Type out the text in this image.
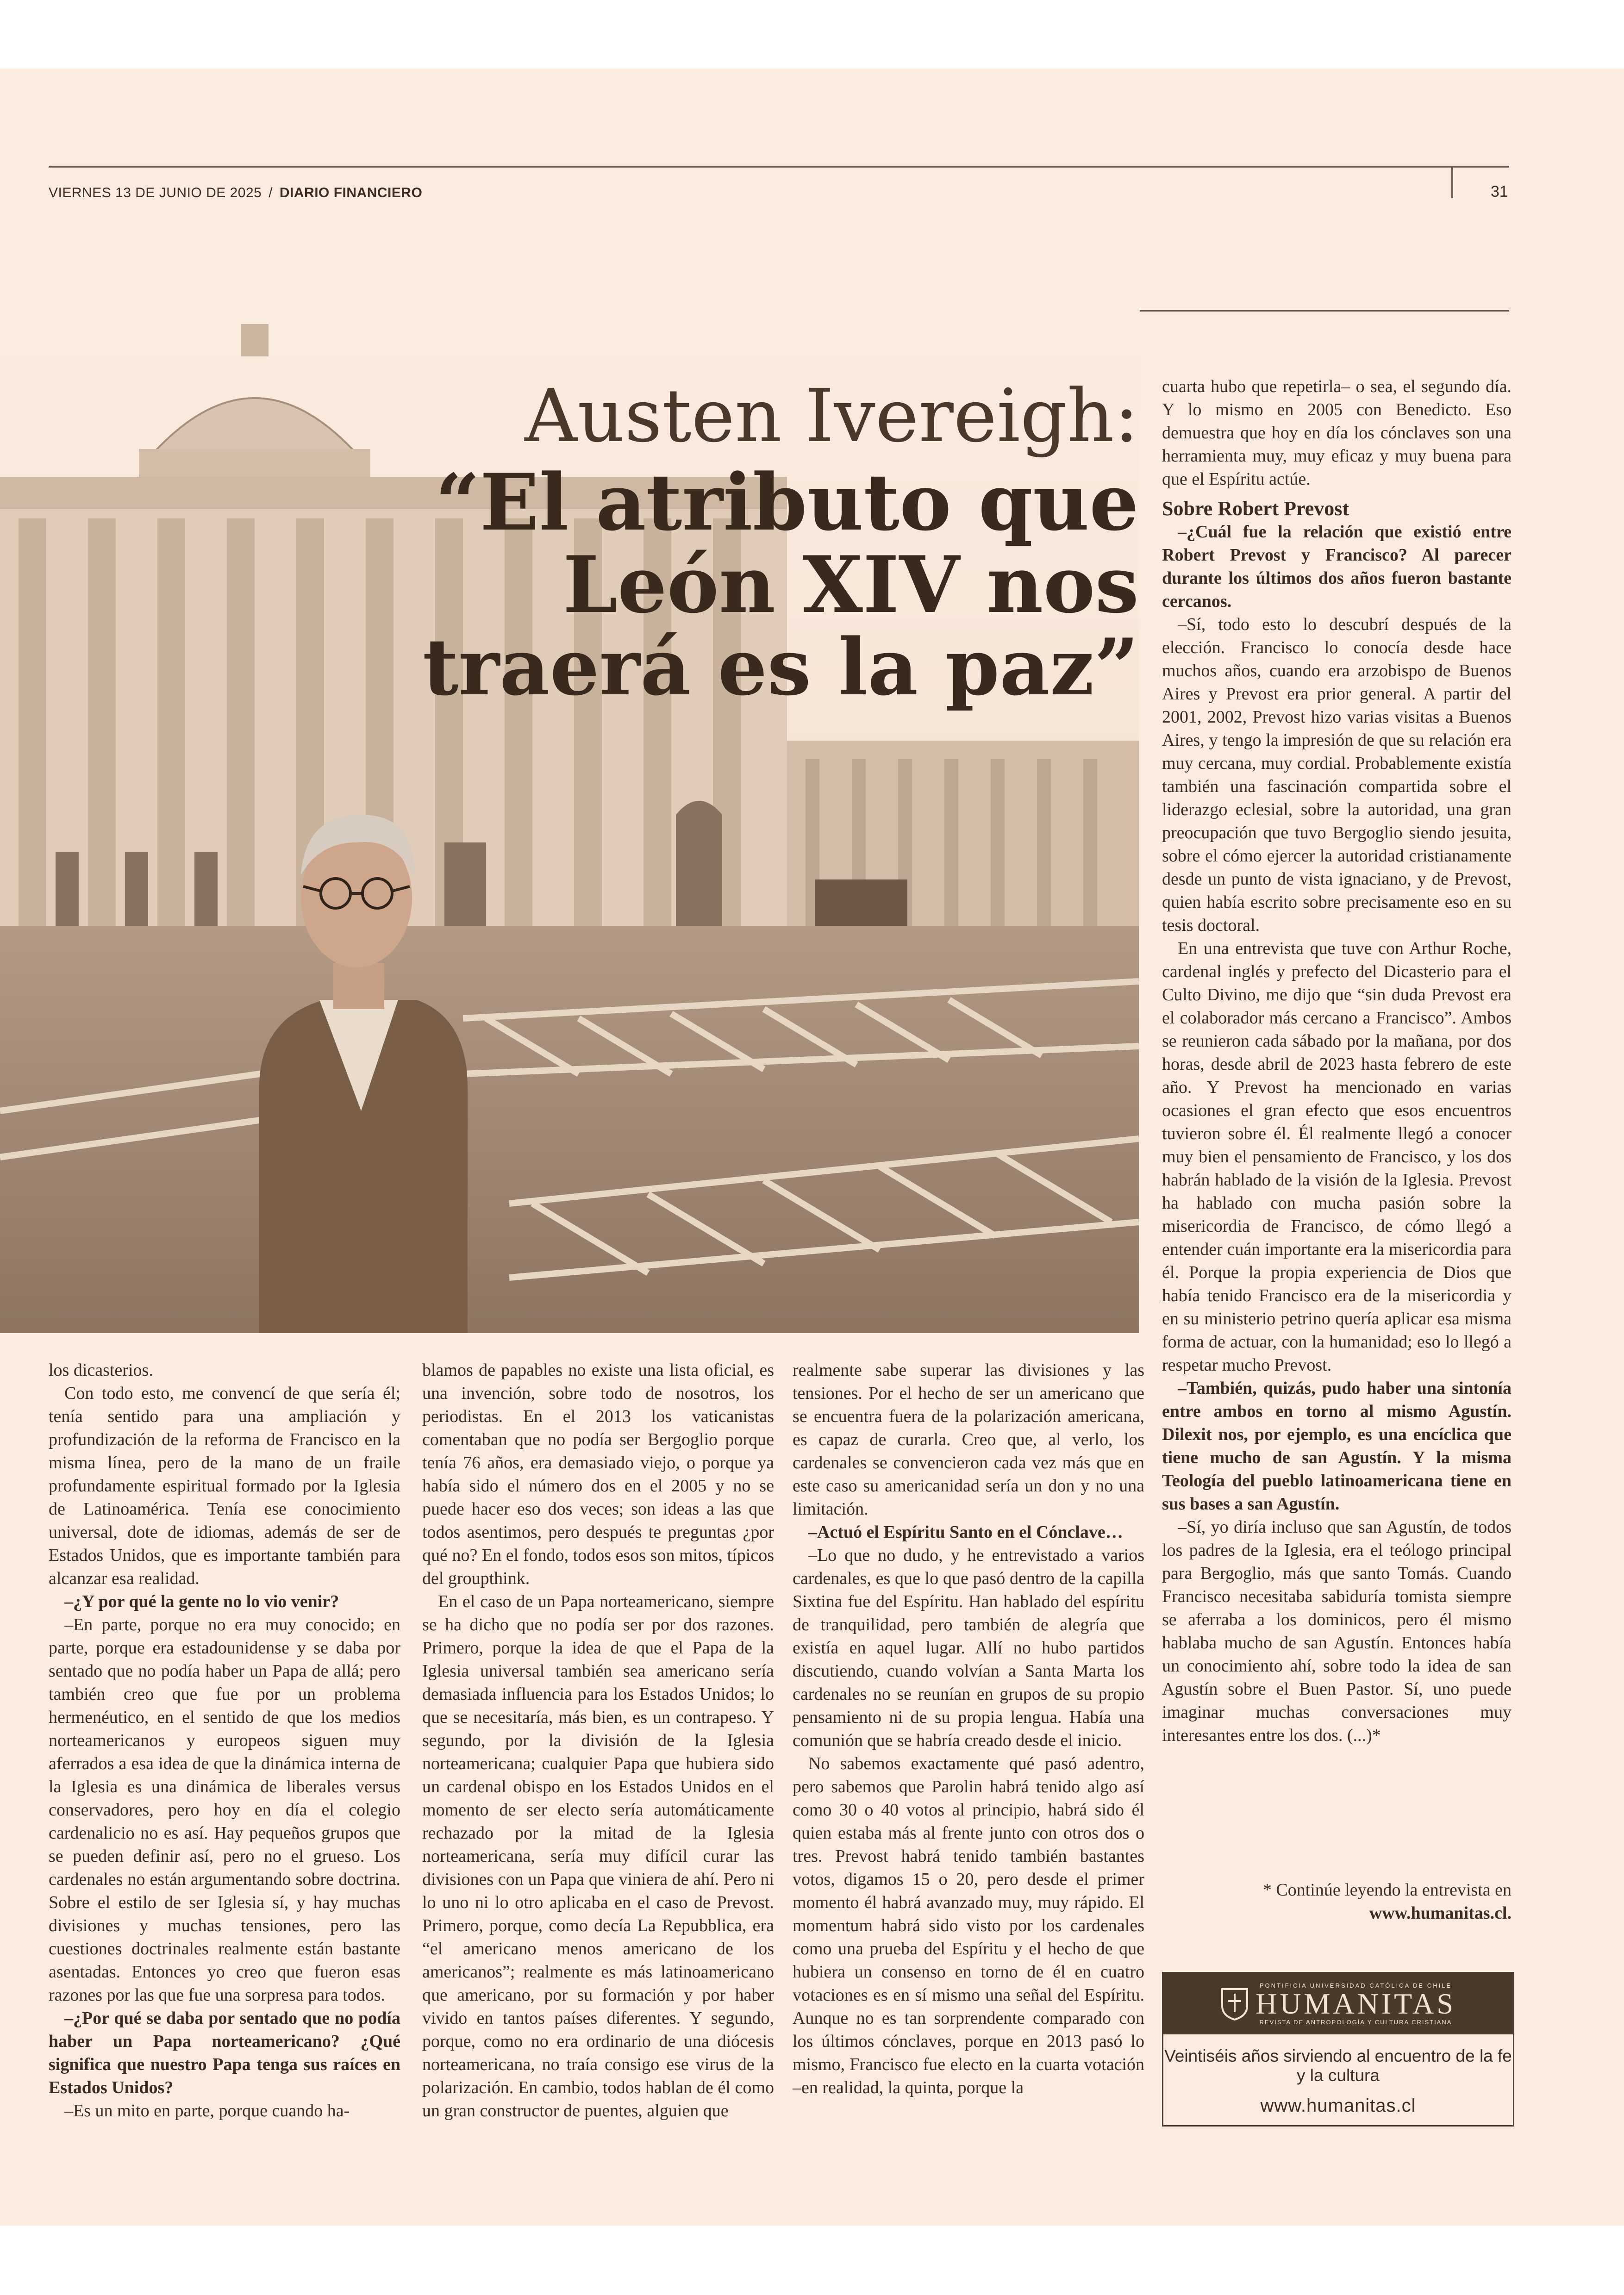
VIERNES 13 DE JUNIO DE 2025 / DIARIO FINANCIERO	31
Austen Ivereigh:
“El atributo que León XIV nos traerá es la paz”

los dicasterios.

Con todo esto, me convencí de que sería él; tenía sentido para una ampliación y profundización de la reforma de Francisco en la misma línea, pero de la mano de un fraile profundamente espiritual formado por la Iglesia de Latinoamérica. Tenía ese conocimiento universal, dote de idiomas, además de ser de Estados Unidos, que es importante también para alcanzar esa realidad.

–¿Y por qué la gente no lo vio venir?

–En parte, porque no era muy conocido; en parte, porque era estadounidense y se daba por sentado que no podía haber un Papa de allá; pero también creo que fue por un problema hermenéutico, en el sentido de que los medios norteamericanos y europeos siguen muy aferrados a esa idea de que la dinámica interna de la Iglesia es una dinámica de liberales versus conservadores, pero hoy en día el colegio cardenalicio no es así. Hay pequeños grupos que se pueden definir así, pero no el grueso. Los cardenales no están argumentando sobre doctrina. Sobre el estilo de ser Iglesia sí, y hay muchas divisiones y muchas tensiones, pero las cuestiones doctrinales realmente están bastante asentadas. Entonces yo creo que fueron esas razones por las que fue una sorpresa para todos.

–¿Por qué se daba por sentado que no podía haber un Papa norteamericano? ¿Qué significa que nuestro Papa tenga sus raíces en Estados Unidos?

–Es un mito en parte, porque cuando ha-

blamos de papables no existe una lista oficial, es una invención, sobre todo de nosotros, los periodistas. En el 2013 los vaticanistas comentaban que no podía ser Bergoglio porque tenía 76 años, era demasiado viejo, o porque ya había sido el número dos en el 2005 y no se puede hacer eso dos veces; son ideas a las que todos asentimos, pero después te preguntas ¿por qué no? En el fondo, todos esos son mitos, típicos del groupthink.

En el caso de un Papa norteamericano, siempre se ha dicho que no podía ser por dos razones. Primero, porque la idea de que el Papa de la Iglesia universal también sea americano sería demasiada influencia para los Estados Unidos; lo que se necesitaría, más bien, es un contrapeso. Y segundo, por la división de la Iglesia norteamericana; cualquier Papa que hubiera sido un cardenal obispo en los Estados Unidos en el momento de ser electo sería automáticamente rechazado por la mitad de la Iglesia norteamericana, sería muy difícil curar las divisiones con un Papa que viniera de ahí. Pero ni lo uno ni lo otro aplicaba en el caso de Prevost. Primero, porque, como decía La Repubblica, era “el americano menos americano de los americanos”; realmente es más latinoamericano que americano, por su formación y por haber vivido en tantos países diferentes. Y segundo, porque, como no era ordinario de una diócesis norteamericana, no traía consigo ese virus de la polarización. En cambio, todos hablan de él como un gran constructor de puentes, alguien que

realmente sabe superar las divisiones y las tensiones. Por el hecho de ser un americano que se encuentra fuera de la polarización americana, es capaz de curarla. Creo que, al verlo, los cardenales se convencieron cada vez más que en este caso su americanidad sería un don y no una limitación.

–Actuó el Espíritu Santo en el Cónclave…

–Lo que no dudo, y he entrevistado a varios cardenales, es que lo que pasó dentro de la capilla Sixtina fue del Espíritu. Han hablado del espíritu de tranquilidad, pero también de alegría que existía en aquel lugar. Allí no hubo partidos discutiendo, cuando volvían a Santa Marta los cardenales no se reunían en grupos de su propio pensamiento ni de su propia lengua. Había una comunión que se habría creado desde el inicio.

No sabemos exactamente qué pasó adentro, pero sabemos que Parolin habrá tenido algo así como 30 o 40 votos al principio, habrá sido él quien estaba más al frente junto con otros dos o tres. Prevost habrá tenido también bastantes votos, digamos 15 o 20, pero desde el primer momento él habrá avanzado muy, muy rápido. El momentum habrá sido visto por los cardenales como una prueba del Espíritu y el hecho de que hubiera un consenso en torno de él en cuatro votaciones es en sí mismo una señal del Espíritu. Aunque no es tan sorprendente comparado con los últimos cónclaves, porque en 2013 pasó lo mismo, Francisco fue electo en la cuarta votación –en realidad, la quinta, porque la

cuarta hubo que repetirla– o sea, el segundo día. Y lo mismo en 2005 con Benedicto. Eso demuestra que hoy en día los cónclaves son una herramienta muy, muy eficaz y muy buena para que el Espíritu actúe.

Sobre Robert Prevost

–¿Cuál fue la relación que existió entre Robert Prevost y Francisco? Al parecer durante los últimos dos años fueron bastante cercanos.

–Sí, todo esto lo descubrí después de la elección. Francisco lo conocía desde hace muchos años, cuando era arzobispo de Buenos Aires y Prevost era prior general. A partir del 2001, 2002, Prevost hizo varias visitas a Buenos Aires, y tengo la impresión de que su relación era muy cercana, muy cordial. Probablemente existía también una fascinación compartida sobre el liderazgo eclesial, sobre la autoridad, una gran preocupación que tuvo Bergoglio siendo jesuita, sobre el cómo ejercer la autoridad cristianamente desde un punto de vista ignaciano, y de Prevost, quien había escrito sobre precisamente eso en su tesis doctoral.

En una entrevista que tuve con Arthur Roche, cardenal inglés y prefecto del Dicasterio para el Culto Divino, me dijo que “sin duda Prevost era el colaborador más cercano a Francisco”. Ambos se reunieron cada sábado por la mañana, por dos horas, desde abril de 2023 hasta febrero de este año. Y Prevost ha mencionado en varias ocasiones el gran efecto que esos encuentros tuvieron sobre él. Él realmente llegó a conocer muy bien el pensamiento de Francisco, y los dos habrán hablado de la visión de la Iglesia. Prevost ha hablado con mucha pasión sobre la misericordia de Francisco, de cómo llegó a entender cuán importante era la misericordia para él. Porque la propia experiencia de Dios que había tenido Francisco era de la misericordia y en su ministerio petrino quería aplicar esa misma forma de actuar, con la humanidad; eso lo llegó a respetar mucho Prevost.

–También, quizás, pudo haber una sintonía entre ambos en torno al mismo Agustín. Dilexit nos, por ejemplo, es una encíclica que tiene mucho de san Agustín. Y la misma Teología del pueblo latinoamericana tiene en sus bases a san Agustín.

–Sí, yo diría incluso que san Agustín, de todos los padres de la Iglesia, era el teólogo principal para Bergoglio, más que santo Tomás. Cuando Francisco necesitaba sabiduría tomista siempre se aferraba a los dominicos, pero él mismo hablaba mucho de san Agustín. Entonces había un conocimiento ahí, sobre todo la idea de san Agustín sobre el Buen Pastor. Sí, uno puede imaginar muchas conversaciones muy interesantes entre los dos. (...)*

* Continúe leyendo la entrevista en
www.humanitas.cl.
PONTIFICIA UNIVERSIDAD CATÓLICA DE CHILE
HUMANITAS
REVISTA DE ANTROPOLOGÍA Y CULTURA CRISTIANA
Veintiséis años sirviendo al encuentro de la fe y la cultura
www.humanitas.cl
